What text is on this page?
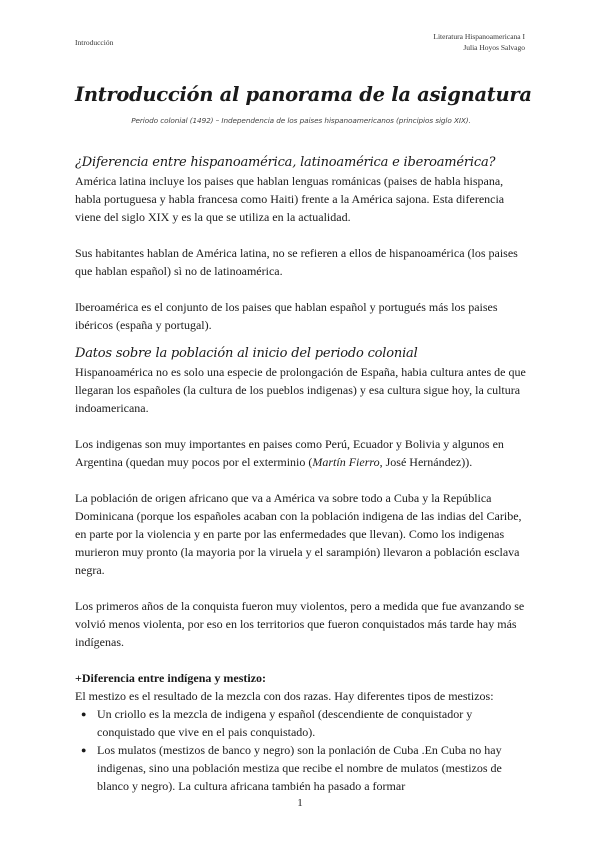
Introducción
Literatura Hispanoamericana I
Julia Hoyos Salvago
Introducción al panorama de la asignatura
Periodo colonial (1492) – Independencia de los paises hispanoamericanos (principios siglo XIX).
¿Diferencia entre hispanoamérica, latinoamérica e iberoamérica?

América latina incluye los paises que hablan lenguas románicas (paises de habla hispana, habla portuguesa y habla francesa como Haiti) frente a la América sajona. Esta diferencia viene del siglo XIX y es la que se utiliza en la actualidad.

Sus habitantes hablan de América latina, no se refieren a ellos de hispanoamérica (los paises que hablan español) sì no de latinoamérica.

Iberoamérica es el conjunto de los paises que hablan español y portugués más los paises ibéricos (españa y portugal).

Datos sobre la población al inicio del periodo colonial

Hispanoamérica no es solo una especie de prolongación de España, habia cultura antes de que llegaran los españoles (la cultura de los pueblos indigenas) y esa cultura sigue hoy, la cultura indoamericana.

Los indigenas son muy importantes en paises como Perú, Ecuador y Bolivia y algunos en Argentina (quedan muy pocos por el exterminio (Martín Fierro, José Hernández)).

La población de origen africano que va a América va sobre todo a Cuba y la República Dominicana (porque los españoles acaban con la población indigena de las indias del Caribe, en parte por la violencia y en parte por las enfermedades que llevan). Como los indigenas murieron muy pronto (la mayoria por la viruela y el sarampión) llevaron a población esclava negra.

Los primeros años de la conquista fueron muy violentos, pero a medida que fue avanzando se volvió menos violenta, por eso en los territorios que fueron conquistados más tarde hay más indígenas.

+Diferencia entre indígena y mestizo:

El mestizo es el resultado de la mezcla con dos razas. Hay diferentes tipos de mestizos:

● Un criollo es la mezcla de indigena y español (descendiente de conquistador y conquistado que vive en el pais conquistado).
● Los mulatos (mestizos de banco y negro) son la ponlación de Cuba .En Cuba no hay indigenas, sino una población mestiza que recibe el nombre de mulatos (mestizos de blanco y negro). La cultura africana también ha pasado a formar
1
